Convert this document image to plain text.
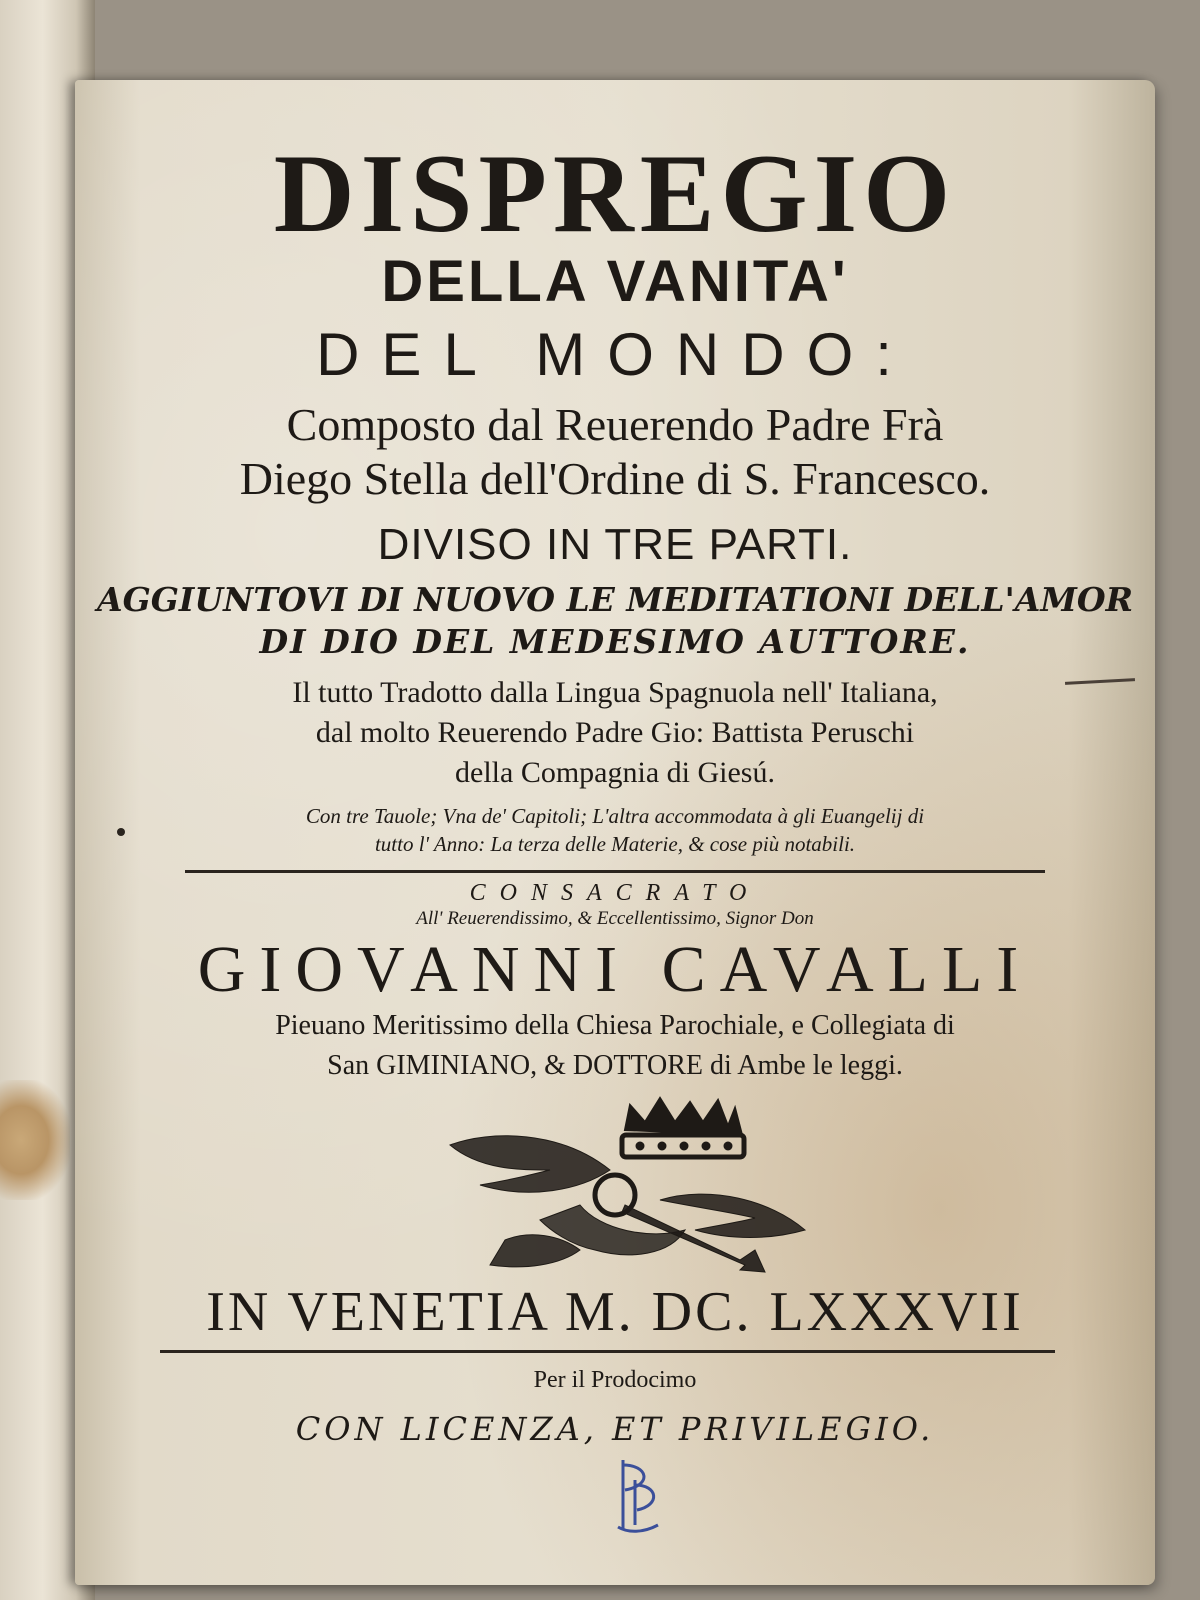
DISPREGIO

DELLA VANITA'

DEL MONDO:

Composto dal Reuerendo Padre Frà

Diego Stella dell'Ordine di S. Francesco.

DIVISO IN TRE PARTI.

AGGIUNTOVI DI NUOVO LE MEDITATIONI DELL'AMOR

DI DIO DEL MEDESIMO AUTTORE.

Il tutto Tradotto dalla Lingua Spagnuola nell' Italiana,

dal molto Reuerendo Padre Gio: Battista Peruschi

della Compagnia di Giesú.

Con tre Tauole; Vna de' Capitoli; L'altra accommodata à gli Euangelij di

tutto l' Anno: La terza delle Materie, & cose più notabili.

CONSACRATO

All' Reuerendissimo, & Eccellentissimo, Signor Don

GIOVANNI CAVALLI

Pieuano Meritissimo della Chiesa Parochiale, e Collegiata di

San GIMINIANO, & DOTTORE di Ambe le leggi.

IN VENETIA M. DC. LXXXVII

Per il Prodocimo

CON LICENZA, ET PRIVILEGIO.
